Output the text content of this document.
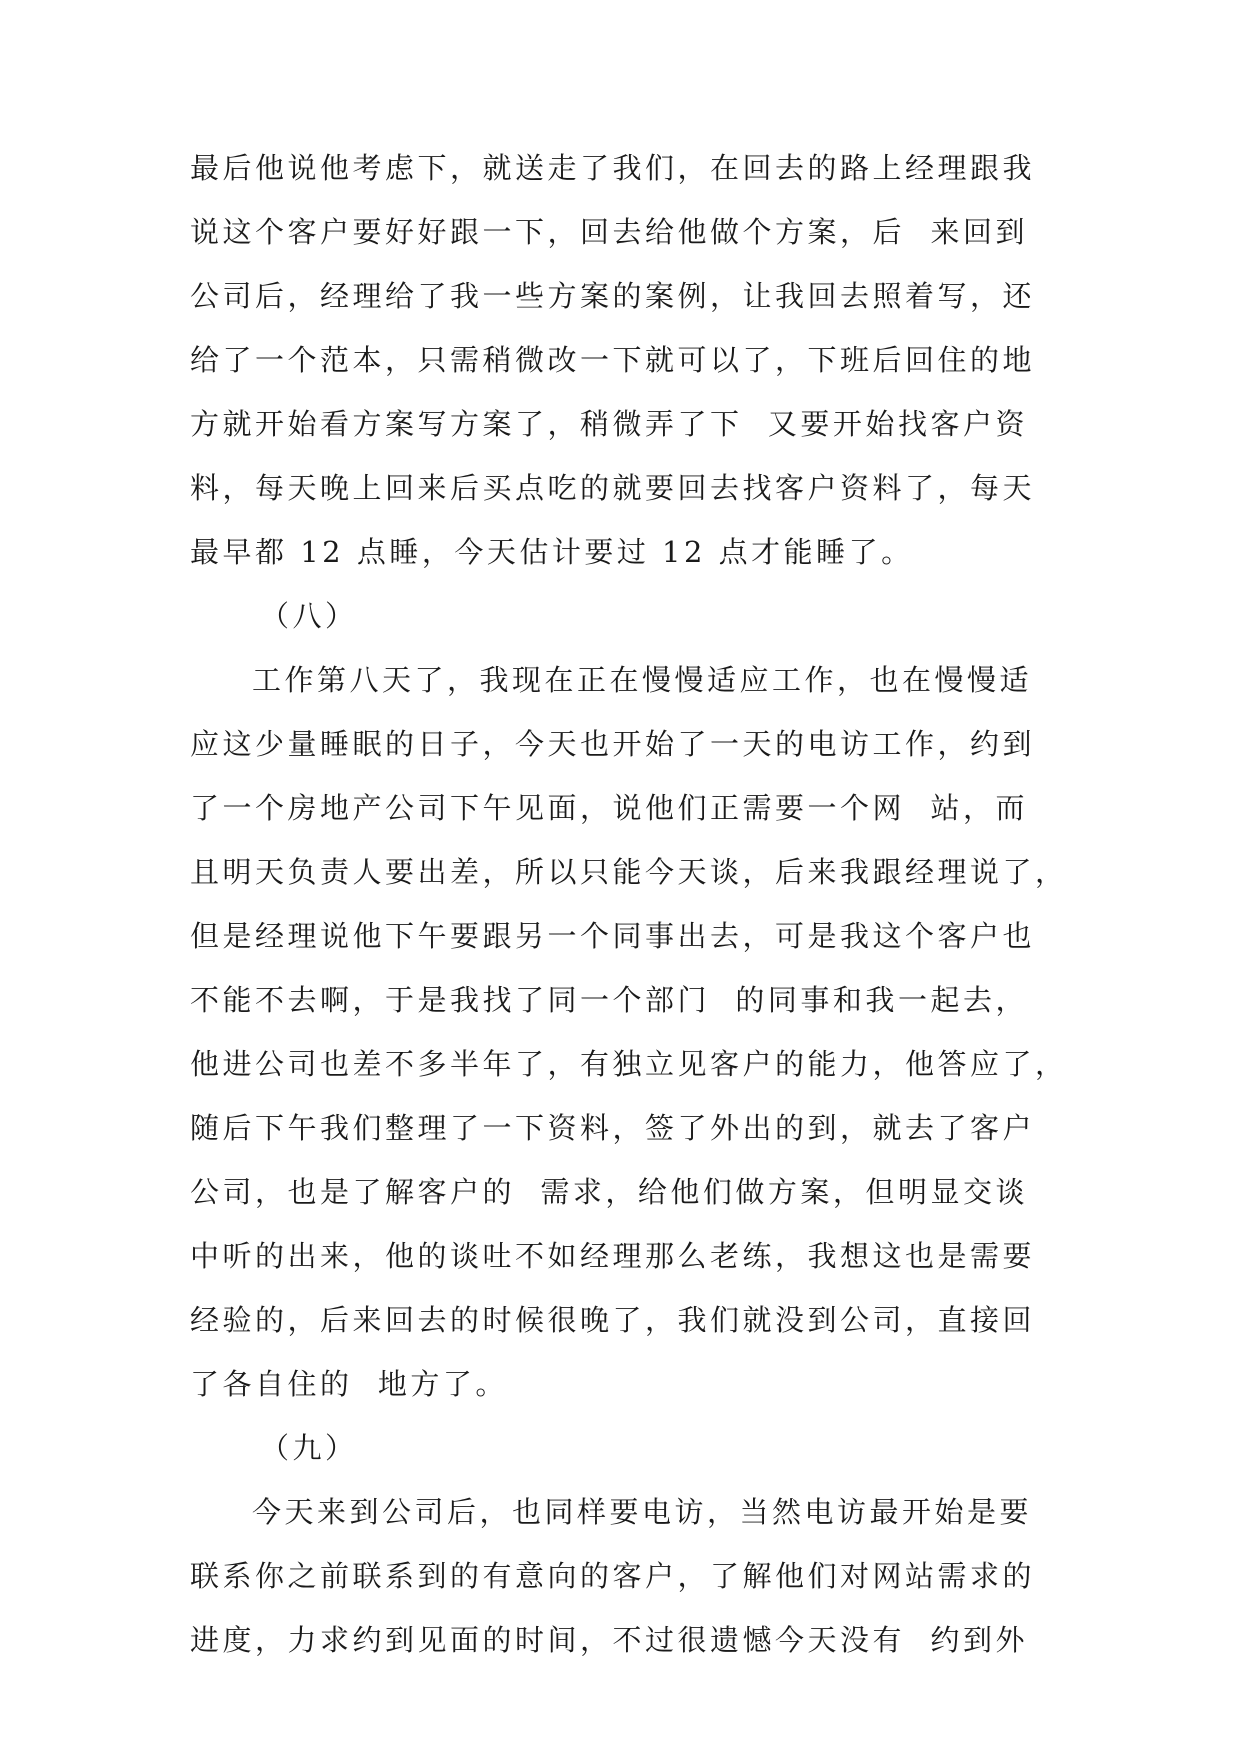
最后他说他考虑下，就送走了我们，在回去的路上经理跟我
说这个客户要好好跟一下，回去给他做个方案，后  来回到
公司后，经理给了我一些方案的案例，让我回去照着写，还
给了一个范本，只需稍微改一下就可以了，下班后回住的地
方就开始看方案写方案了，稍微弄了下  又要开始找客户资
料，每天晚上回来后买点吃的就要回去找客户资料了，每天
最早都 12 点睡，今天估计要过 12 点才能睡了。
（八）
工作第八天了，我现在正在慢慢适应工作，也在慢慢适
应这少量睡眠的日子，今天也开始了一天的电访工作，约到
了一个房地产公司下午见面，说他们正需要一个网  站，而
且明天负责人要出差，所以只能今天谈，后来我跟经理说了，
但是经理说他下午要跟另一个同事出去，可是我这个客户也
不能不去啊，于是我找了同一个部门  的同事和我一起去，
他进公司也差不多半年了，有独立见客户的能力，他答应了，
随后下午我们整理了一下资料，签了外出的到，就去了客户
公司，也是了解客户的  需求，给他们做方案，但明显交谈
中听的出来，他的谈吐不如经理那么老练，我想这也是需要
经验的，后来回去的时候很晚了，我们就没到公司，直接回
了各自住的  地方了。
（九）
今天来到公司后，也同样要电访，当然电访最开始是要
联系你之前联系到的有意向的客户，了解他们对网站需求的
进度，力求约到见面的时间，不过很遗憾今天没有  约到外
